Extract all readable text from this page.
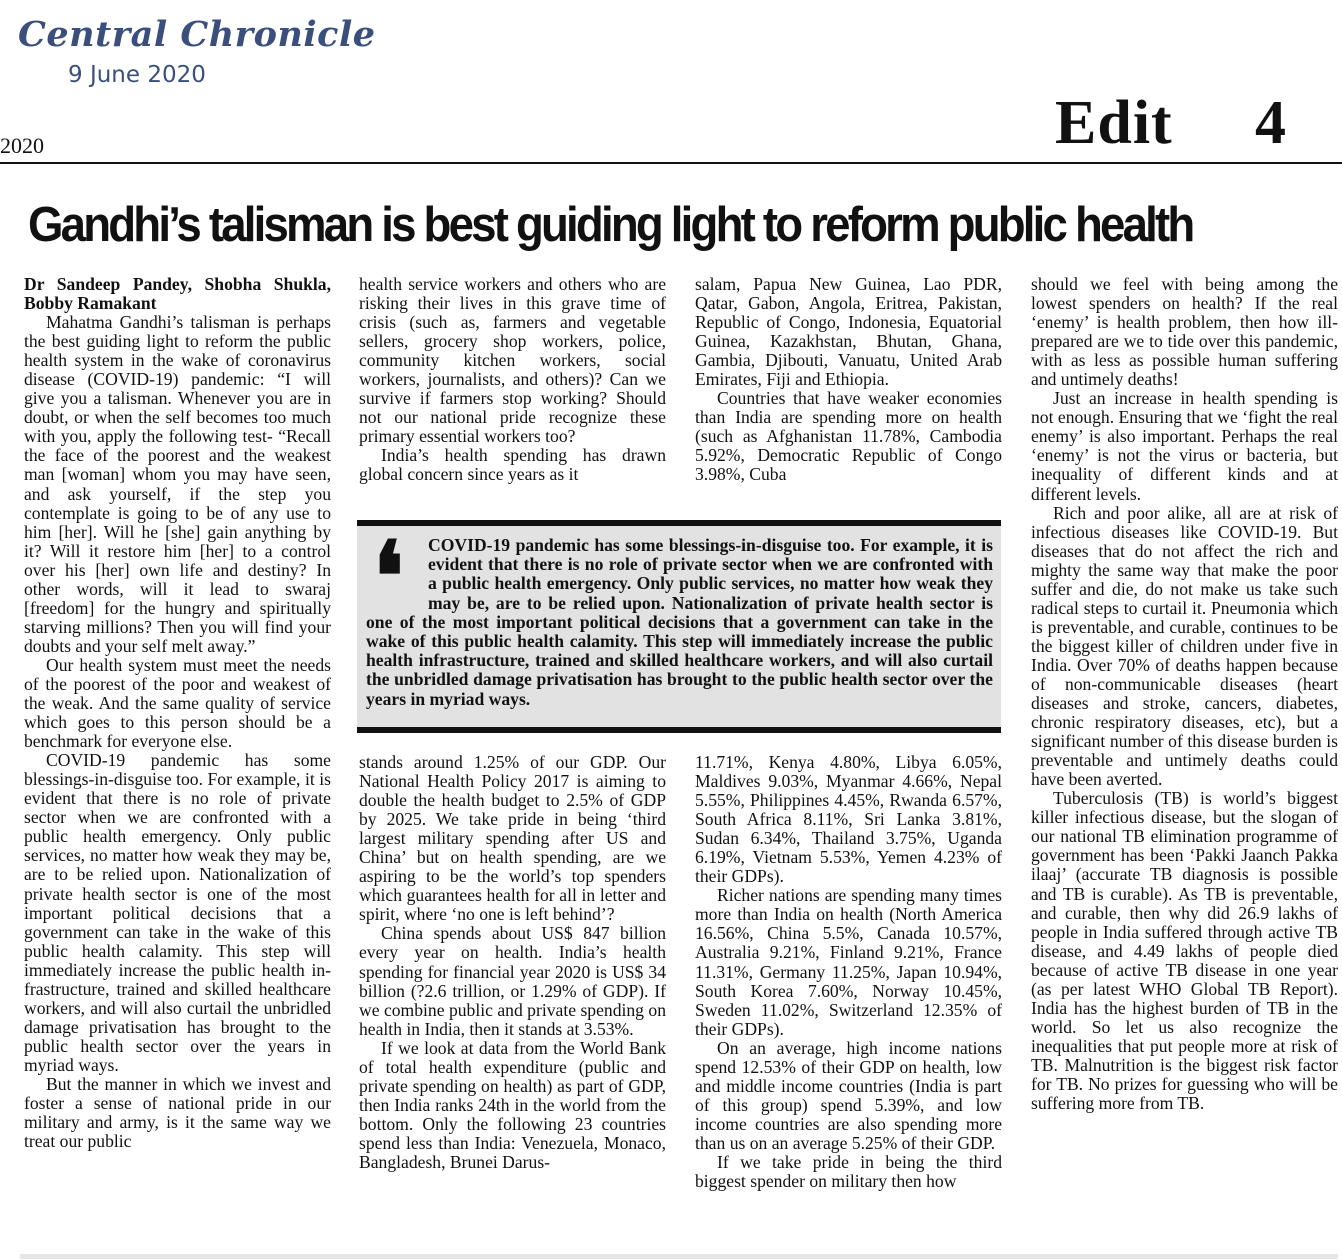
Central Chronicle
9 June 2020
2020	Edit 4
Gandhi’s talisman is best guiding light to reform public health

Dr Sandeep Pandey, Shobha Shukla, Bobby Ramakant

Mahatma Gandhi’s talisman is perhaps the best guiding light to reform the public health system in the wake of coronavirus disease (COVID-19) pandemic: “I will give you a talisman. Whenever you are in doubt, or when the self becomes too much with you, apply the following test- “Recall the face of the poorest and the weakest man [woman] whom you may have seen, and ask yourself, if the step you contemplate is going to be of any use to him [her]. Will he [she] gain anything by it? Will it restore him [her] to a control over his [her] own life and destiny? In other words, will it lead to swaraj [freedom] for the hungry and spiritually starving millions? Then you will find your doubts and your self melt away.”

Our health system must meet the needs of the poorest of the poor and weakest of the weak. And the same quality of service which goes to this person should be a benchmark for everyone else.

COVID-19 pandemic has some blessings-in-disguise too. For example, it is evident that there is no role of private sector when we are confronted with a public health emergency. Only public services, no matter how weak they may be, are to be relied upon. Nationalization of private health sector is one of the most important political decisions that a government can take in the wake of this public health calamity. This step will immediately increase the public health infrastructure, trained and skilled healthcare workers, and will also curtail the unbridled damage privatisation has brought to the public health sector over the years in myriad ways.

But the manner in which we invest and foster a sense of national pride in our military and army, is it the same way we treat our public

health service workers and others who are risking their lives in this grave time of crisis (such as, farmers and vegetable sellers, grocery shop workers, police, community kitchen workers, social workers, journalists, and others)? Can we survive if farmers stop working? Should not our national pride recognize these primary essential workers too?

India’s health spending has drawn global concern since years as it

salam, Papua New Guinea, Lao PDR, Qatar, Gabon, Angola, Eritrea, Pakistan, Republic of Congo, Indonesia, Equatorial Guinea, Kazakhstan, Bhutan, Ghana, Gambia, Djibouti, Vanuatu, United Arab Emirates, Fiji and Ethiopia.

Countries that have weaker economies than India are spending more on health (such as Afghanistan 11.78%, Cambodia 5.92%, Democratic Republic of Congo 3.98%, Cuba

❛	COVID-19 pandemic has some blessings-in-disguise too. For example, it is evident that there is no role of private sector when we are confronted with a public health emergency. Only public services, no matter how weak they may be, are to be relied upon. Nationalization of private health sector is one of the most important political decisions that a government can take in the wake of this public health calamity. This step will immediately increase the public health infrastructure, trained and skilled healthcare workers, and will also curtail the unbridled damage privatisation has brought to the public health sector over the years in myriad ways.

stands around 1.25% of our GDP. Our National Health Policy 2017 is aiming to double the health budget to 2.5% of GDP by 2025. We take pride in being ‘third largest military spending after US and China’ but on health spending, are we aspiring to be the world’s top spenders which guarantees health for all in letter and spirit, where ‘no one is left behind’?

China spends about US$ 847 billion every year on health. India’s health spending for financial year 2020 is US$ 34 billion (?2.6 trillion, or 1.29% of GDP). If we combine public and private spending on health in India, then it stands at 3.53%.

If we look at data from the World Bank of total health expenditure (public and private spending on health) as part of GDP, then India ranks 24th in the world from the bottom. Only the following 23 countries spend less than India: Venezuela, Monaco, Bangladesh, Brunei Darus-

11.71%, Kenya 4.80%, Libya 6.05%, Maldives 9.03%, Myanmar 4.66%, Nepal 5.55%, Philippines 4.45%, Rwanda 6.57%, South Africa 8.11%, Sri Lanka 3.81%, Sudan 6.34%, Thailand 3.75%, Uganda 6.19%, Vietnam 5.53%, Yemen 4.23% of their GDPs).

Richer nations are spending many times more than India on health (North America 16.56%, China 5.5%, Canada 10.57%, Australia 9.21%, Finland 9.21%, France 11.31%, Germany 11.25%, Japan 10.94%, South Korea 7.60%, Norway 10.45%, Sweden 11.02%, Switzerland 12.35% of their GDPs).

On an average, high income nations spend 12.53% of their GDP on health, low and middle income countries (India is part of this group) spend 5.39%, and low income countries are also spending more than us on an average 5.25% of their GDP.

If we take pride in being the third biggest spender on military then how

should we feel with being among the lowest spenders on health? If the real ‘enemy’ is health problem, then how ill-prepared are we to tide over this pandemic, with as less as possible human suffering and untimely deaths!

Just an increase in health spending is not enough. Ensuring that we ‘fight the real enemy’ is also important. Perhaps the real ‘enemy’ is not the virus or bacteria, but inequality of different kinds and at different levels.

Rich and poor alike, all are at risk of infectious diseases like COVID-19. But diseases that do not affect the rich and mighty the same way that make the poor suffer and die, do not make us take such radical steps to curtail it. Pneumonia which is preventable, and curable, continues to be the biggest killer of children under five in India. Over 70% of deaths happen because of non-communicable diseases (heart diseases and stroke, cancers, diabetes, chronic respiratory diseases, etc), but a significant number of this disease burden is preventable and untimely deaths could have been averted.

Tuberculosis (TB) is world’s biggest killer infectious disease, but the slogan of our national TB elimination programme of government has been ‘Pakki Jaanch Pakka ilaaj’ (accurate TB diagnosis is possible and TB is curable). As TB is preventable, and curable, then why did 26.9 lakhs of people in India suffered through active TB disease, and 4.49 lakhs of people died because of active TB disease in one year (as per latest WHO Global TB Report). India has the highest burden of TB in the world. So let us also recognize the inequalities that put people more at risk of TB. Malnutrition is the biggest risk factor for TB. No prizes for guessing who will be suffering more from TB.
